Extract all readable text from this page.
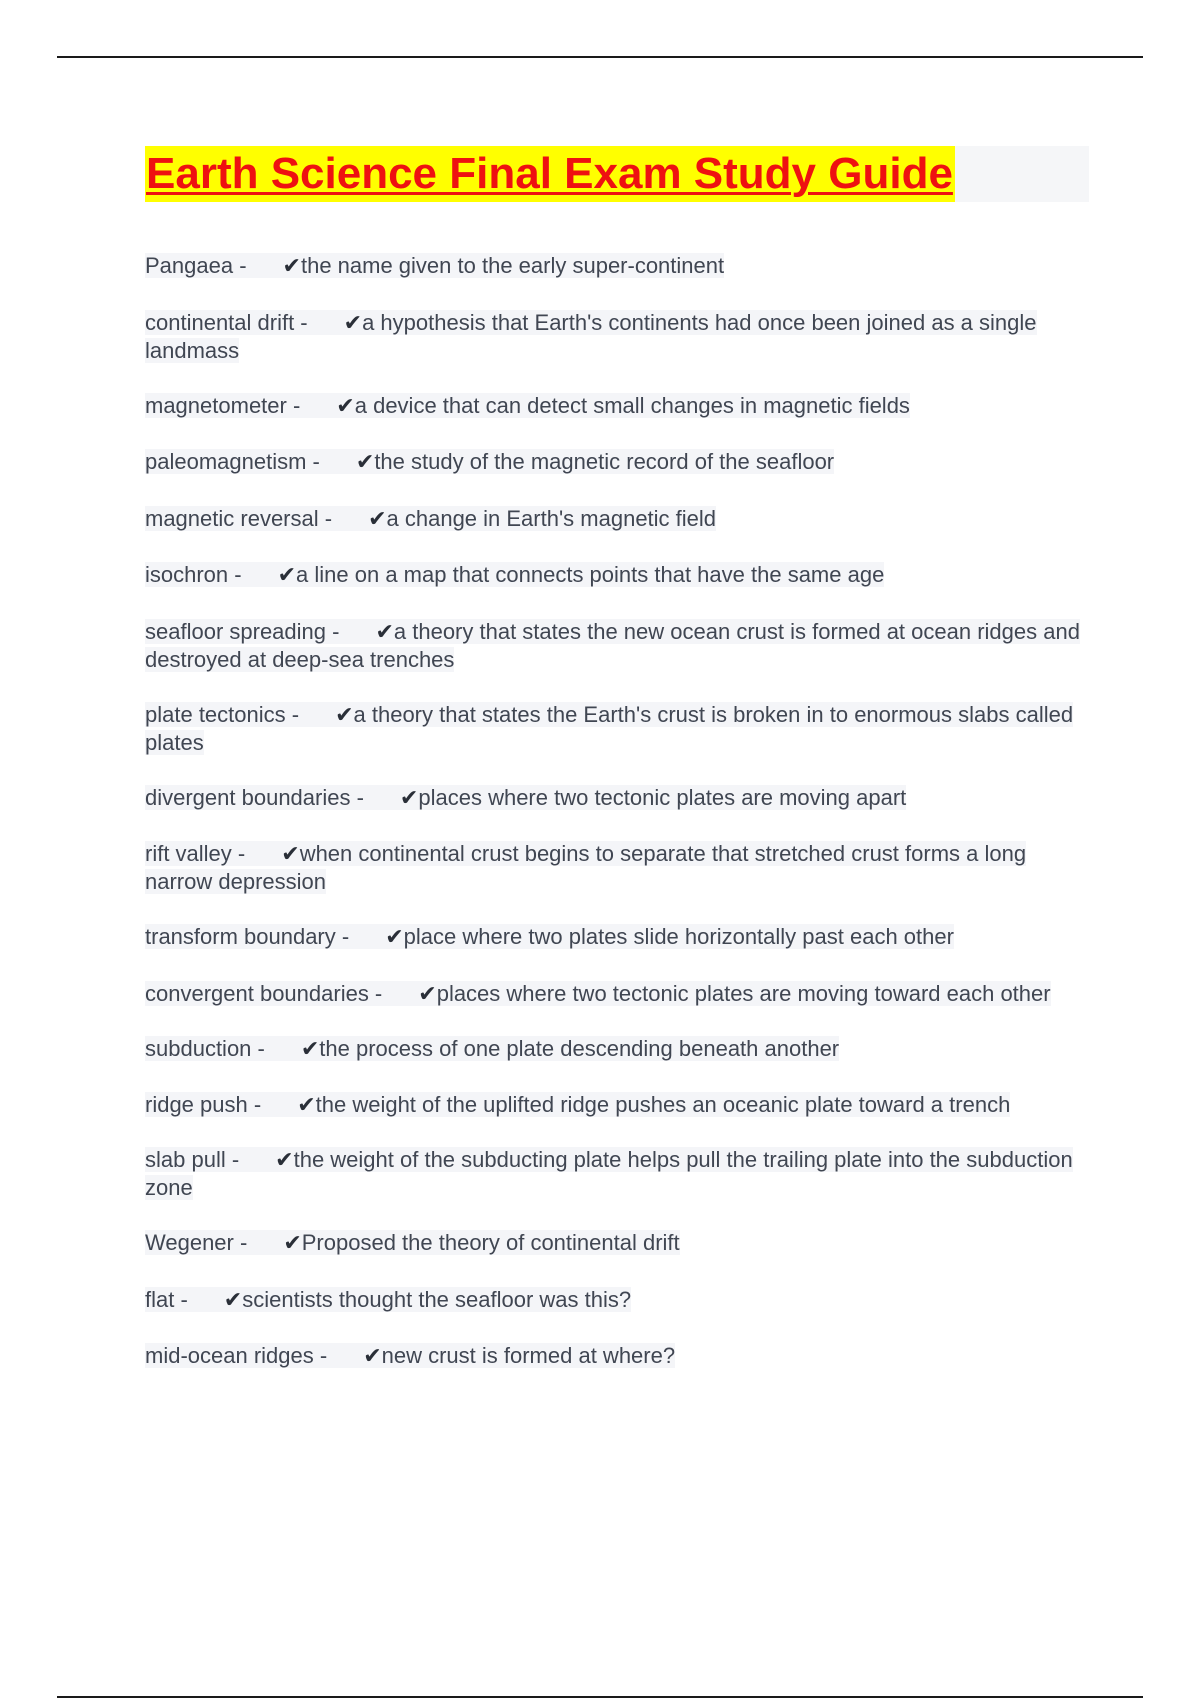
Earth Science Final Exam Study Guide
Pangaea - ✔the name given to the early super-continent
continental drift - ✔a hypothesis that Earth's continents had once been joined as a single landmass
magnetometer - ✔a device that can detect small changes in magnetic fields
paleomagnetism - ✔the study of the magnetic record of the seafloor
magnetic reversal - ✔a change in Earth's magnetic field
isochron - ✔a line on a map that connects points that have the same age
seafloor spreading - ✔a theory that states the new ocean crust is formed at ocean ridges and destroyed at deep-sea trenches
plate tectonics - ✔a theory that states the Earth's crust is broken in to enormous slabs called plates
divergent boundaries - ✔places where two tectonic plates are moving apart
rift valley - ✔when continental crust begins to separate that stretched crust forms a long narrow depression
transform boundary - ✔place where two plates slide horizontally past each other
convergent boundaries - ✔places where two tectonic plates are moving toward each other
subduction - ✔the process of one plate descending beneath another
ridge push - ✔the weight of the uplifted ridge pushes an oceanic plate toward a trench
slab pull - ✔the weight of the subducting plate helps pull the trailing plate into the subduction zone
Wegener - ✔Proposed the theory of continental drift
flat - ✔scientists thought the seafloor was this?
mid-ocean ridges - ✔new crust is formed at where?
